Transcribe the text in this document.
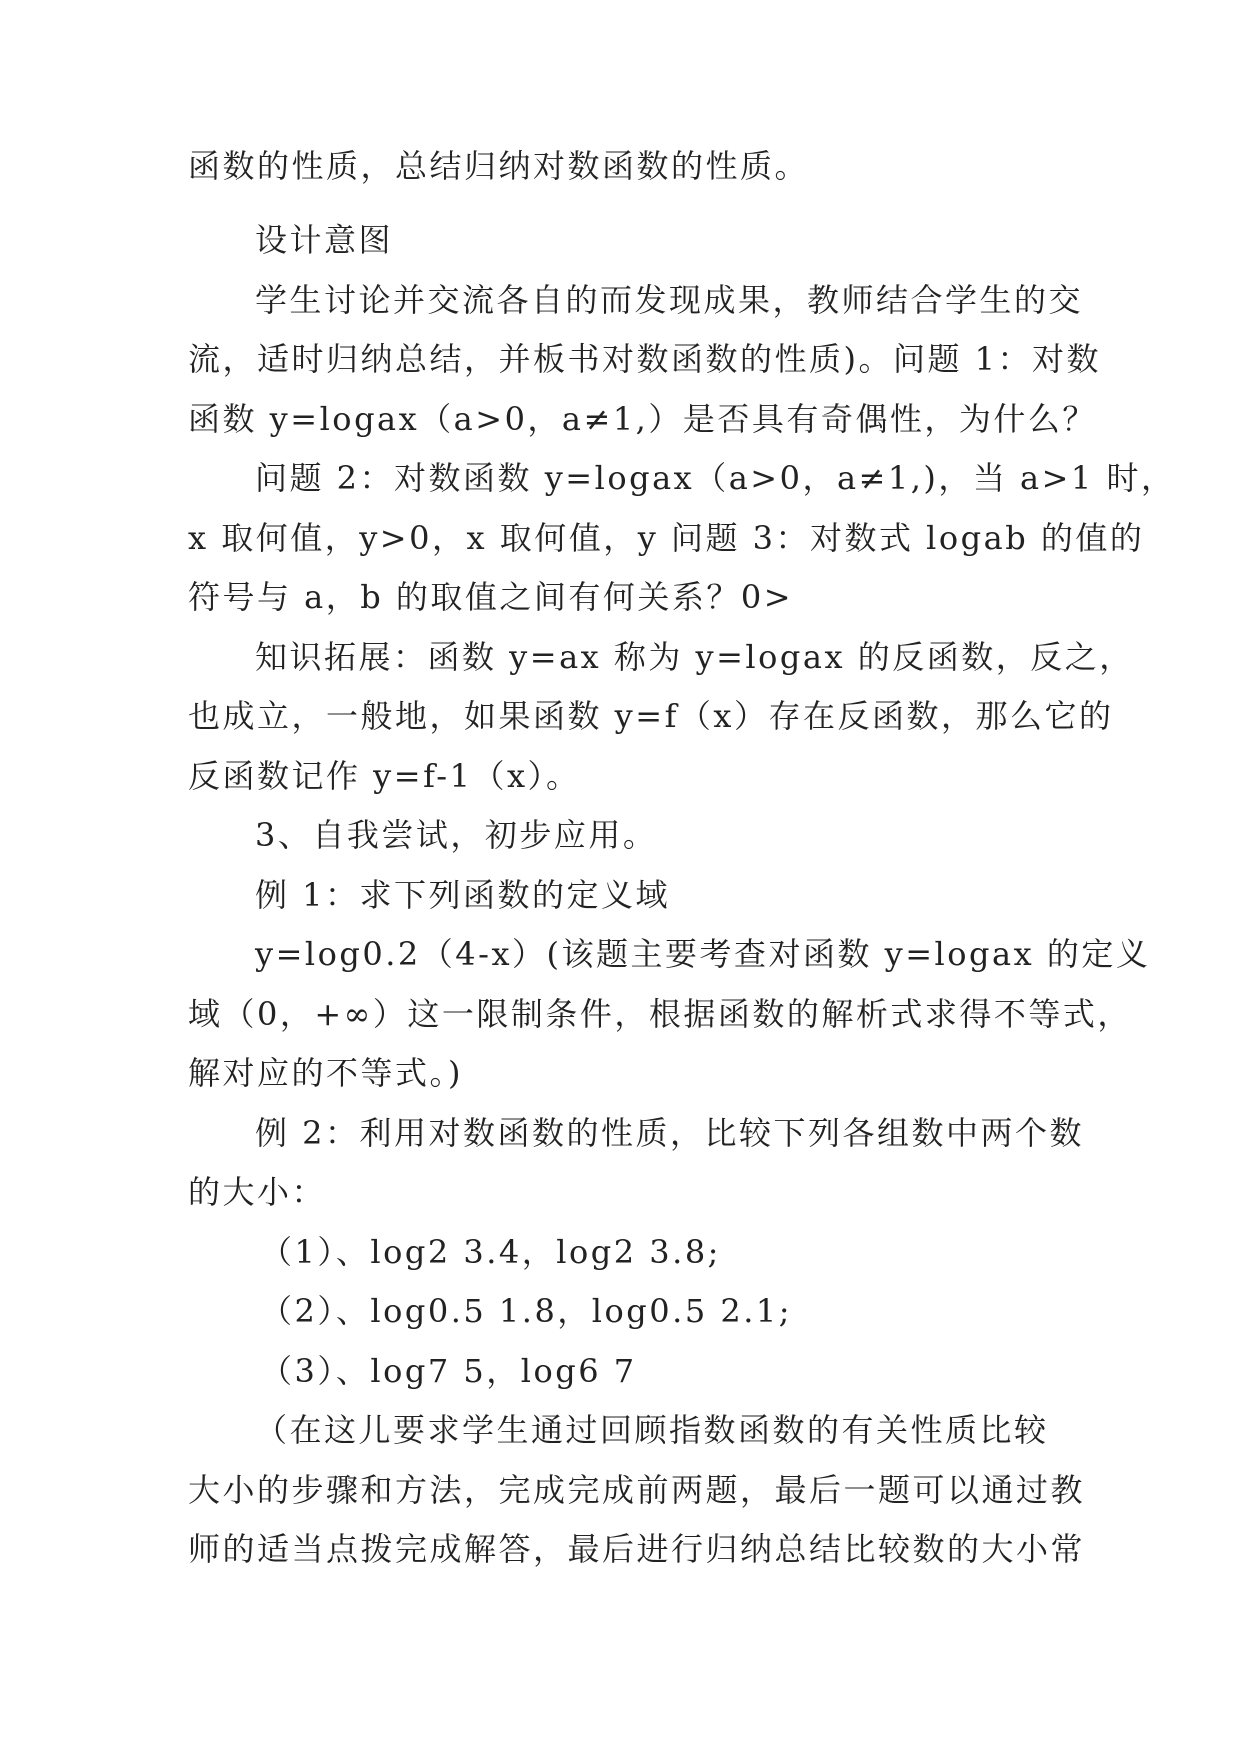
函数的性质，总结归纳对数函数的性质。
设计意图
学生讨论并交流各自的而发现成果，教师结合学生的交
流，适时归纳总结，并板书对数函数的性质)。问题 1：对数
函数 y=logax（a>0，a≠1,）是否具有奇偶性，为什么？
问题 2：对数函数 y=logax（a>0，a≠1,)，当 a>1 时，
x 取何值，y>0，x 取何值，y 问题 3：对数式 logab 的值的
符号与 a，b 的取值之间有何关系？0>
知识拓展：函数 y=ax 称为 y=logax 的反函数，反之，
也成立，一般地，如果函数 y=f（x）存在反函数，那么它的
反函数记作 y=f-1（x）。
3、自我尝试，初步应用。
例 1：求下列函数的定义域
y=log0.2（4-x）(该题主要考查对函数 y=logax 的定义
域（0，+∞）这一限制条件，根据函数的解析式求得不等式，
解对应的不等式。)
例 2：利用对数函数的性质，比较下列各组数中两个数
的大小：
（1）、log2 3.4，log2 3.8;
（2）、log0.5 1.8，log0.5 2.1;
（3）、log7 5，log6 7
（在这儿要求学生通过回顾指数函数的有关性质比较
大小的步骤和方法，完成完成前两题，最后一题可以通过教
师的适当点拨完成解答，最后进行归纳总结比较数的大小常
